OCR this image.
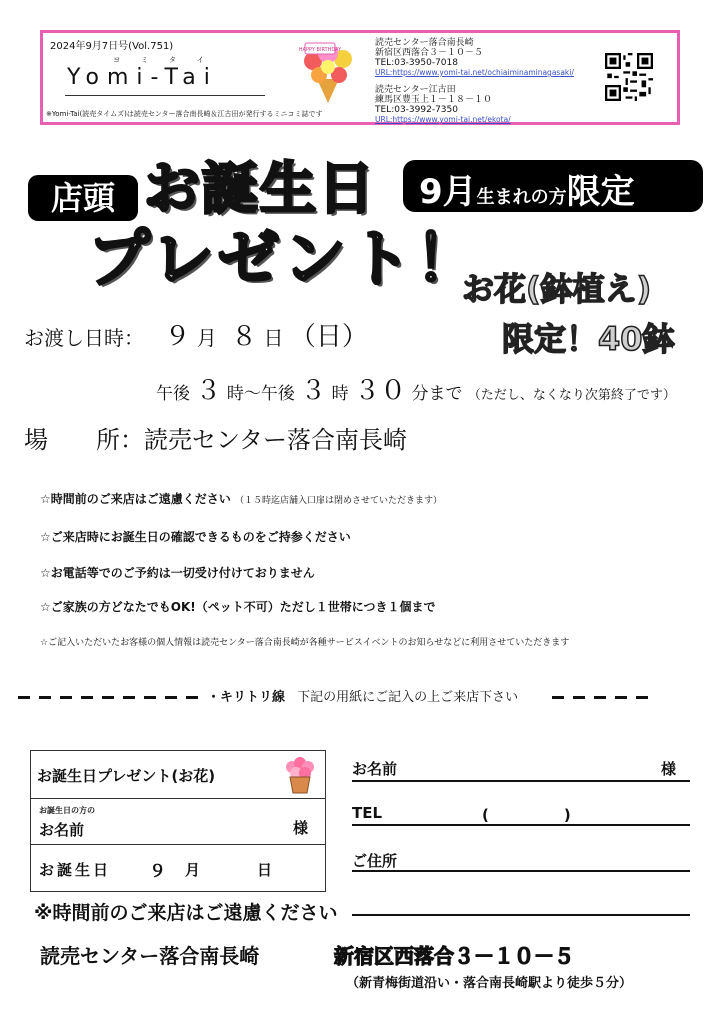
2024年9月7日号(Vol.751)
ヨミタイ
Yomi-Tai
※Yomi-Tai(読売タイムズ)は読売センター落合南長崎＆江古田が発行するミニコミ誌です
HAPPY BIRTHDAY
読売センター落合南長崎
新宿区西落合３－１０－５
TEL:03-3950-7018
URL:https://www.yomi-tai.net/ochiaiminaminagasaki/
読売センター江古田
練馬区豊玉上１－１８－１０
TEL:03-3992-7350
URL:https://www.yomi-tai.net/ekota/
店頭 お誕生日
プレゼント！
9月生まれの方限定
お花(鉢植え)
限定！40鉢
お渡し日時： ９ 月 ８ 日 （日）
午後 ３ 時～午後 ３ 時 ３０ 分まで （ただし、なくなり次第終了です）
場　　所：読売センター落合南長崎
☆時間前のご来店はご遠慮ください （１５時迄店舗入口扉は閉めさせていただきます）
☆ご来店時にお誕生日の確認できるものをご持参ください
☆お電話等でのご予約は一切受け付けておりません
☆ご家族の方どなたでもOK!（ペット不可）ただし１世帯につき１個まで
☆ご記入いただいたお客様の個人情報は読売センター落合南長崎が各種サービスイベントのお知らせなどに利用させていただきます
・キリトリ線 下記の用紙にご記入の上ご来店下さい
お誕生日プレゼント(お花)
お誕生日の方の
お名前	様
お誕生日 ９ 月	日
※時間前のご来店はご遠慮ください
お名前	様
TEL	(　　　　　)
ご住所
読売センター落合南長崎	新宿区西落合３－１０－５
（新青梅街道沿い・落合南長崎駅より徒歩５分）
